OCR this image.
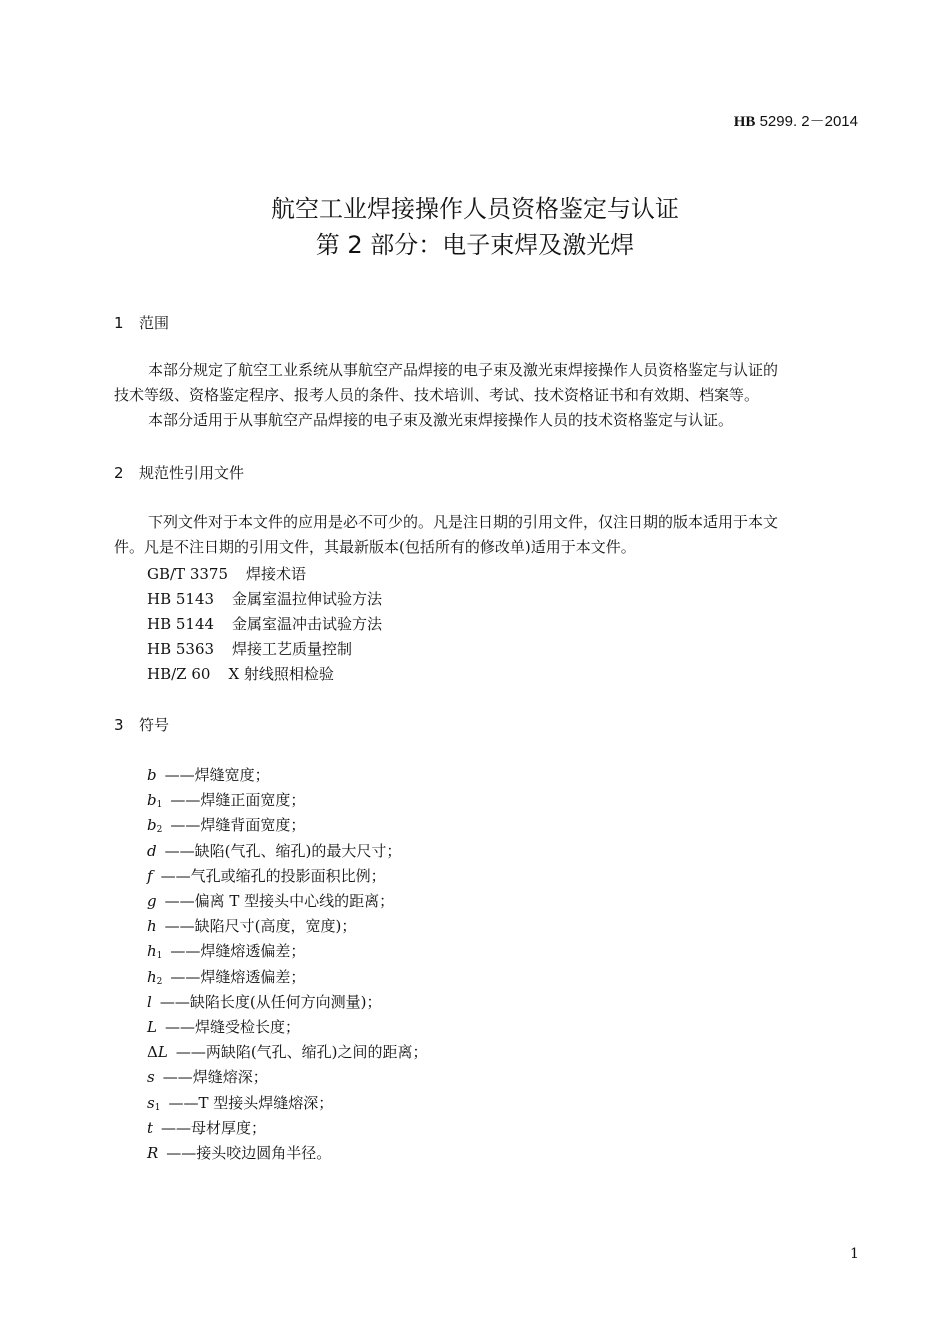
HB 5299. 2－2014
航空工业焊接操作人员资格鉴定与认证
第 2 部分：电子束焊及激光焊
1 范围
本部分规定了航空工业系统从事航空产品焊接的电子束及激光束焊接操作人员资格鉴定与认证的
技术等级、资格鉴定程序、报考人员的条件、技术培训、考试、技术资格证书和有效期、档案等。
本部分适用于从事航空产品焊接的电子束及激光束焊接操作人员的技术资格鉴定与认证。
2 规范性引用文件
下列文件对于本文件的应用是必不可少的。凡是注日期的引用文件，仅注日期的版本适用于本文
件。凡是不注日期的引用文件，其最新版本(包括所有的修改单)适用于本文件。
GB/T 3375 焊接术语
HB 5143 金属室温拉伸试验方法
HB 5144 金属室温冲击试验方法
HB 5363 焊接工艺质量控制
HB/Z 60 X 射线照相检验
3 符号
b ——焊缝宽度；
$b_1$ ——焊缝正面宽度；
$b_2$ ——焊缝背面宽度；
d ——缺陷(气孔、缩孔)的最大尺寸；
f ——气孔或缩孔的投影面积比例；
g ——偏离 T 型接头中心线的距离；
h ——缺陷尺寸(高度，宽度)；
$h_1$ ——焊缝熔透偏差；
$h_2$ ——焊缝熔透偏差；
l ——缺陷长度(从任何方向测量)；
L ——焊缝受检长度；
ΔL ——两缺陷(气孔、缩孔)之间的距离；
s ——焊缝熔深；
$s_1$ ——T 型接头焊缝熔深；
t ——母材厚度；
R ——接头咬边圆角半径。
1
